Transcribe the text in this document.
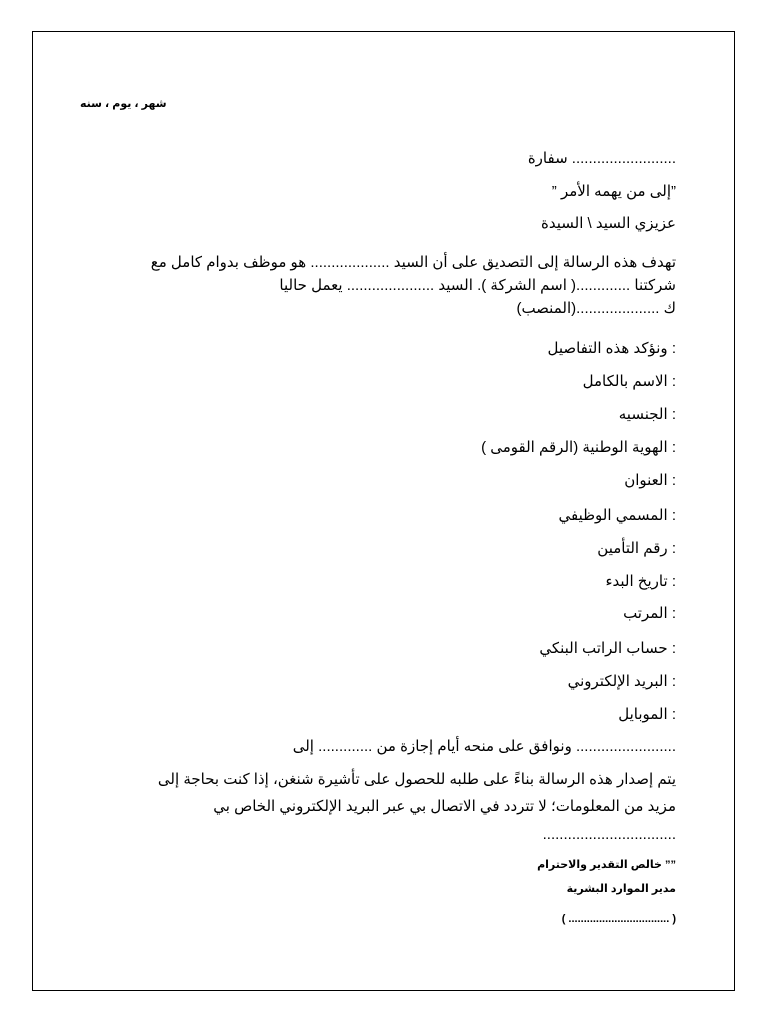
شهر ، يوم ، سنه
......................... سفارة
”إلى من يهمه الأمر ”
عزيزي السيد \ السيدة
تهدف هذه الرسالة إلى التصديق على أن السيد ................... هو موظف بدوام كامل مع
شركتنا .............( اسم الشركة ). السيد ..................... يعمل حاليا
ك ....................(المنصب)
: ونؤكد هذه التفاصيل
: الاسم بالكامل
: الجنسيه
: الهوية الوطنية (الرقم القومى )
: العنوان
: المسمي الوظيفي
: رقم التأمين
: تاريخ البدء
: المرتب
: حساب الراتب البنكي
: البريد الإلكتروني
: الموبايل
........................ ونوافق على منحه أيام إجازة من ............. إلى
يتم إصدار هذه الرسالة بناءً على طلبه للحصول على تأشيرة شنغن، إذا كنت بحاجة إلى
مزيد من المعلومات؛ لا تتردد في الاتصال بي عبر البريد الإلكتروني الخاص بي
................................
”” خالص التقدير والاحترام
مدير الموارد البشرية
( ................................. )
